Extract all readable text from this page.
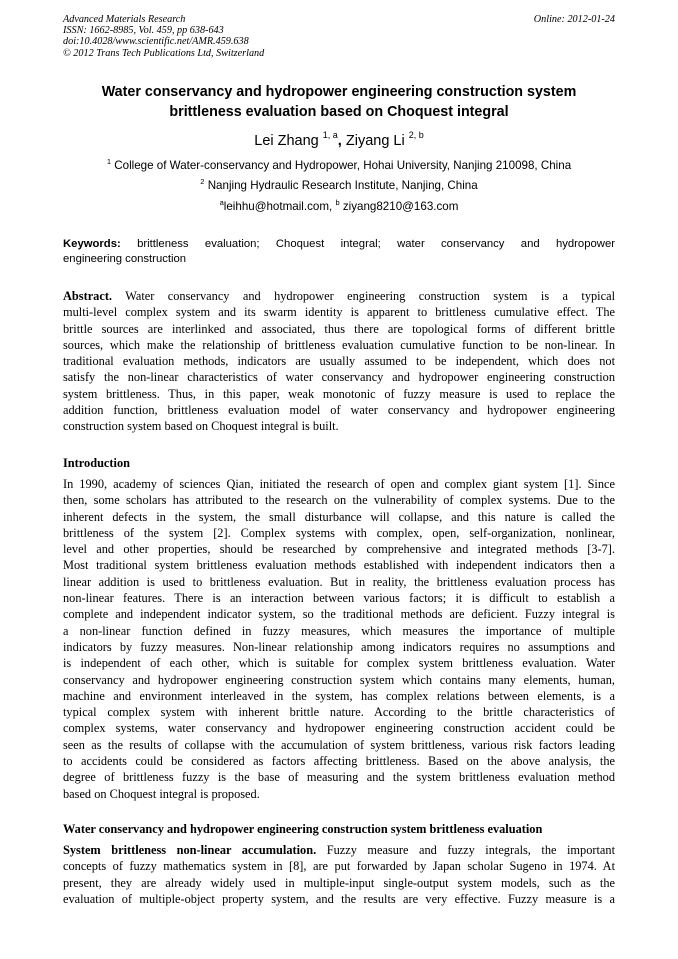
Advanced Materials Research
ISSN: 1662-8985, Vol. 459, pp 638-643
doi:10.4028/www.scientific.net/AMR.459.638
© 2012 Trans Tech Publications Ltd, Switzerland
Online: 2012-01-24
Water conservancy and hydropower engineering construction system
brittleness evaluation based on Choquest integral
Lei Zhang $^{1, a}$, Ziyang Li $^{2, b}$
$^1$ College of Water-conservancy and Hydropower, Hohai University, Nanjing 210098, China
$^2$ Nanjing Hydraulic Research Institute, Nanjing, China
$^a$leihhu@hotmail.com, $^b$ ziyang8210@163.com
Keywords: brittleness evaluation; Choquest integral; water conservancy and hydropower
engineering construction
Abstract. Water conservancy and hydropower engineering construction system is a typical
multi-level complex system and its swarm identity is apparent to brittleness cumulative effect. The
brittle sources are interlinked and associated, thus there are topological forms of different brittle
sources, which make the relationship of brittleness evaluation cumulative function to be non-linear. In
traditional evaluation methods, indicators are usually assumed to be independent, which does not
satisfy the non-linear characteristics of water conservancy and hydropower engineering construction
system brittleness. Thus, in this paper, weak monotonic of fuzzy measure is used to replace the
addition function, brittleness evaluation model of water conservancy and hydropower engineering
construction system based on Choquest integral is built.
Introduction
In 1990, academy of sciences Qian, initiated the research of open and complex giant system [1]. Since
then, some scholars has attributed to the research on the vulnerability of complex systems. Due to the
inherent defects in the system, the small disturbance will collapse, and this nature is called the
brittleness of the system [2]. Complex systems with complex, open, self-organization, nonlinear,
level and other properties, should be researched by comprehensive and integrated methods [3-7].
Most traditional system brittleness evaluation methods established with independent indicators then a
linear addition is used to brittleness evaluation. But in reality, the brittleness evaluation process has
non-linear features. There is an interaction between various factors; it is difficult to establish a
complete and independent indicator system, so the traditional methods are deficient. Fuzzy integral is
a non-linear function defined in fuzzy measures, which measures the importance of multiple
indicators by fuzzy measures. Non-linear relationship among indicators requires no assumptions and
is independent of each other, which is suitable for complex system brittleness evaluation. Water
conservancy and hydropower engineering construction system which contains many elements, human,
machine and environment interleaved in the system, has complex relations between elements, is a
typical complex system with inherent brittle nature. According to the brittle characteristics of
complex systems, water conservancy and hydropower engineering construction accident could be
seen as the results of collapse with the accumulation of system brittleness, various risk factors leading
to accidents could be considered as factors affecting brittleness. Based on the above analysis, the
degree of brittleness fuzzy is the base of measuring and the system brittleness evaluation method
based on Choquest integral is proposed.
Water conservancy and hydropower engineering construction system brittleness evaluation
System brittleness non-linear accumulation. Fuzzy measure and fuzzy integrals, the important
concepts of fuzzy mathematics system in [8], are put forwarded by Japan scholar Sugeno in 1974. At
present, they are already widely used in multiple-input single-output system models, such as the
evaluation of multiple-object property system, and the results are very effective. Fuzzy measure is a
